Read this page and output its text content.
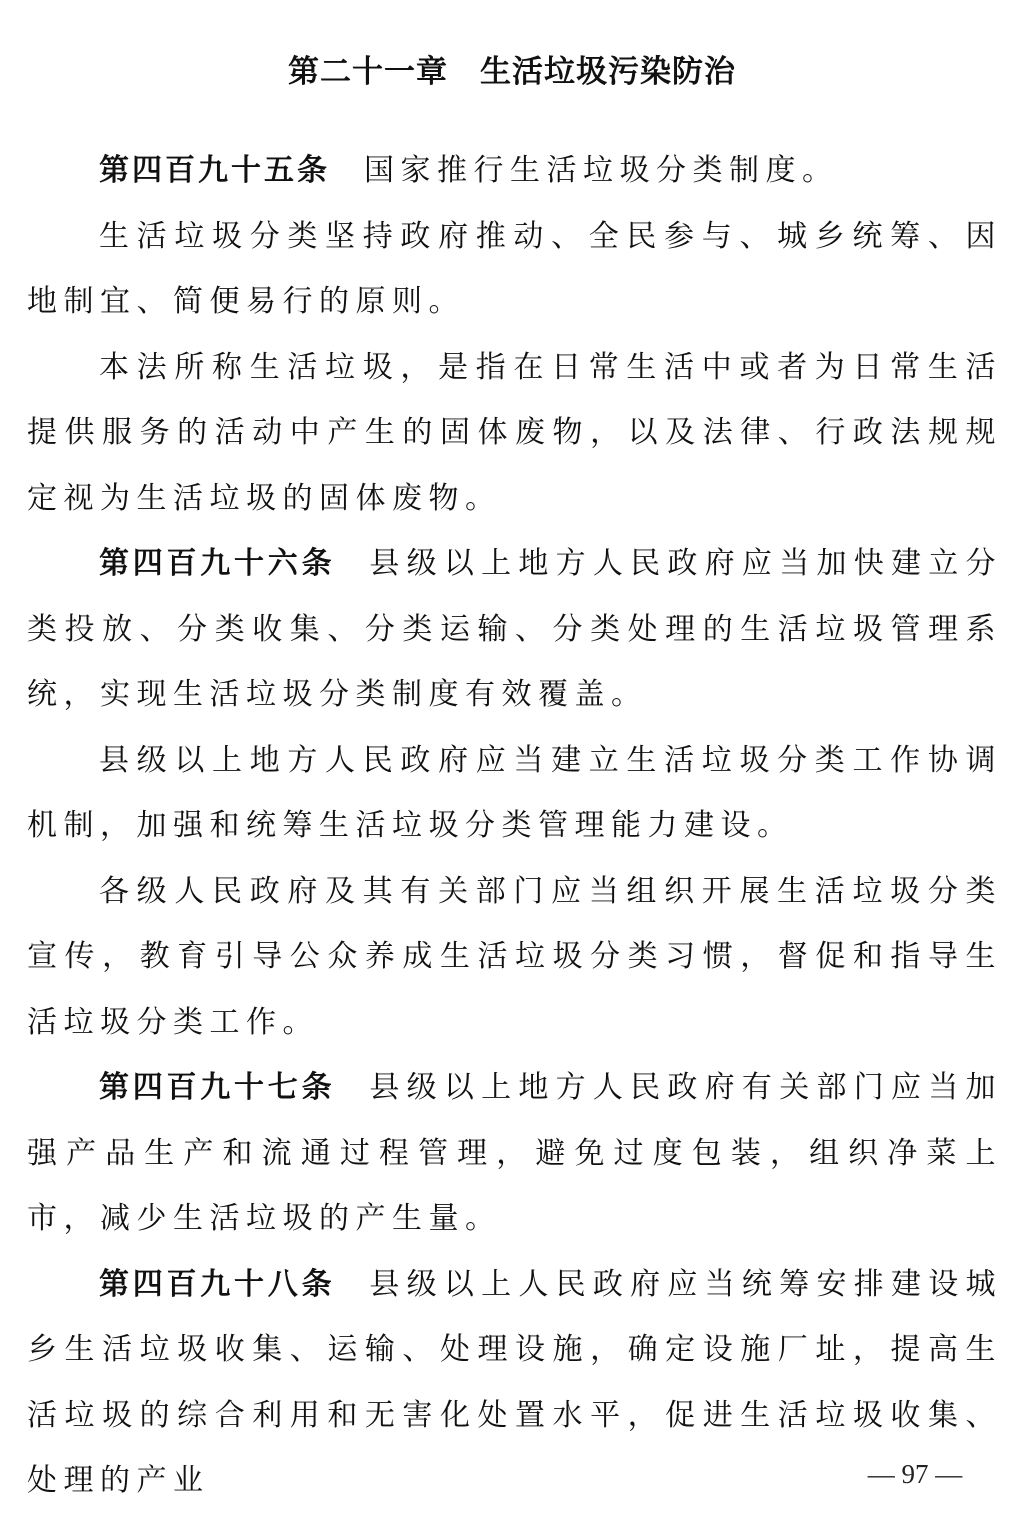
第二十一章　生活垃圾污染防治

第四百九十五条 国家推行生活垃圾分类制度。

生活垃圾分类坚持政府推动、全民参与、城乡统筹、因地制宜、简便易行的原则。

本法所称生活垃圾，是指在日常生活中或者为日常生活提供服务的活动中产生的固体废物，以及法律、行政法规规定视为生活垃圾的固体废物。

第四百九十六条 县级以上地方人民政府应当加快建立分类投放、分类收集、分类运输、分类处理的生活垃圾管理系统，实现生活垃圾分类制度有效覆盖。

县级以上地方人民政府应当建立生活垃圾分类工作协调机制，加强和统筹生活垃圾分类管理能力建设。

各级人民政府及其有关部门应当组织开展生活垃圾分类宣传，教育引导公众养成生活垃圾分类习惯，督促和指导生活垃圾分类工作。

第四百九十七条 县级以上地方人民政府有关部门应当加强产品生产和流通过程管理，避免过度包装，组织净菜上市，减少生活垃圾的产生量。

第四百九十八条 县级以上人民政府应当统筹安排建设城乡生活垃圾收集、运输、处理设施，确定设施厂址，提高生活垃圾的综合利用和无害化处置水平，促进生活垃圾收集、处理的产业	— 97 —
